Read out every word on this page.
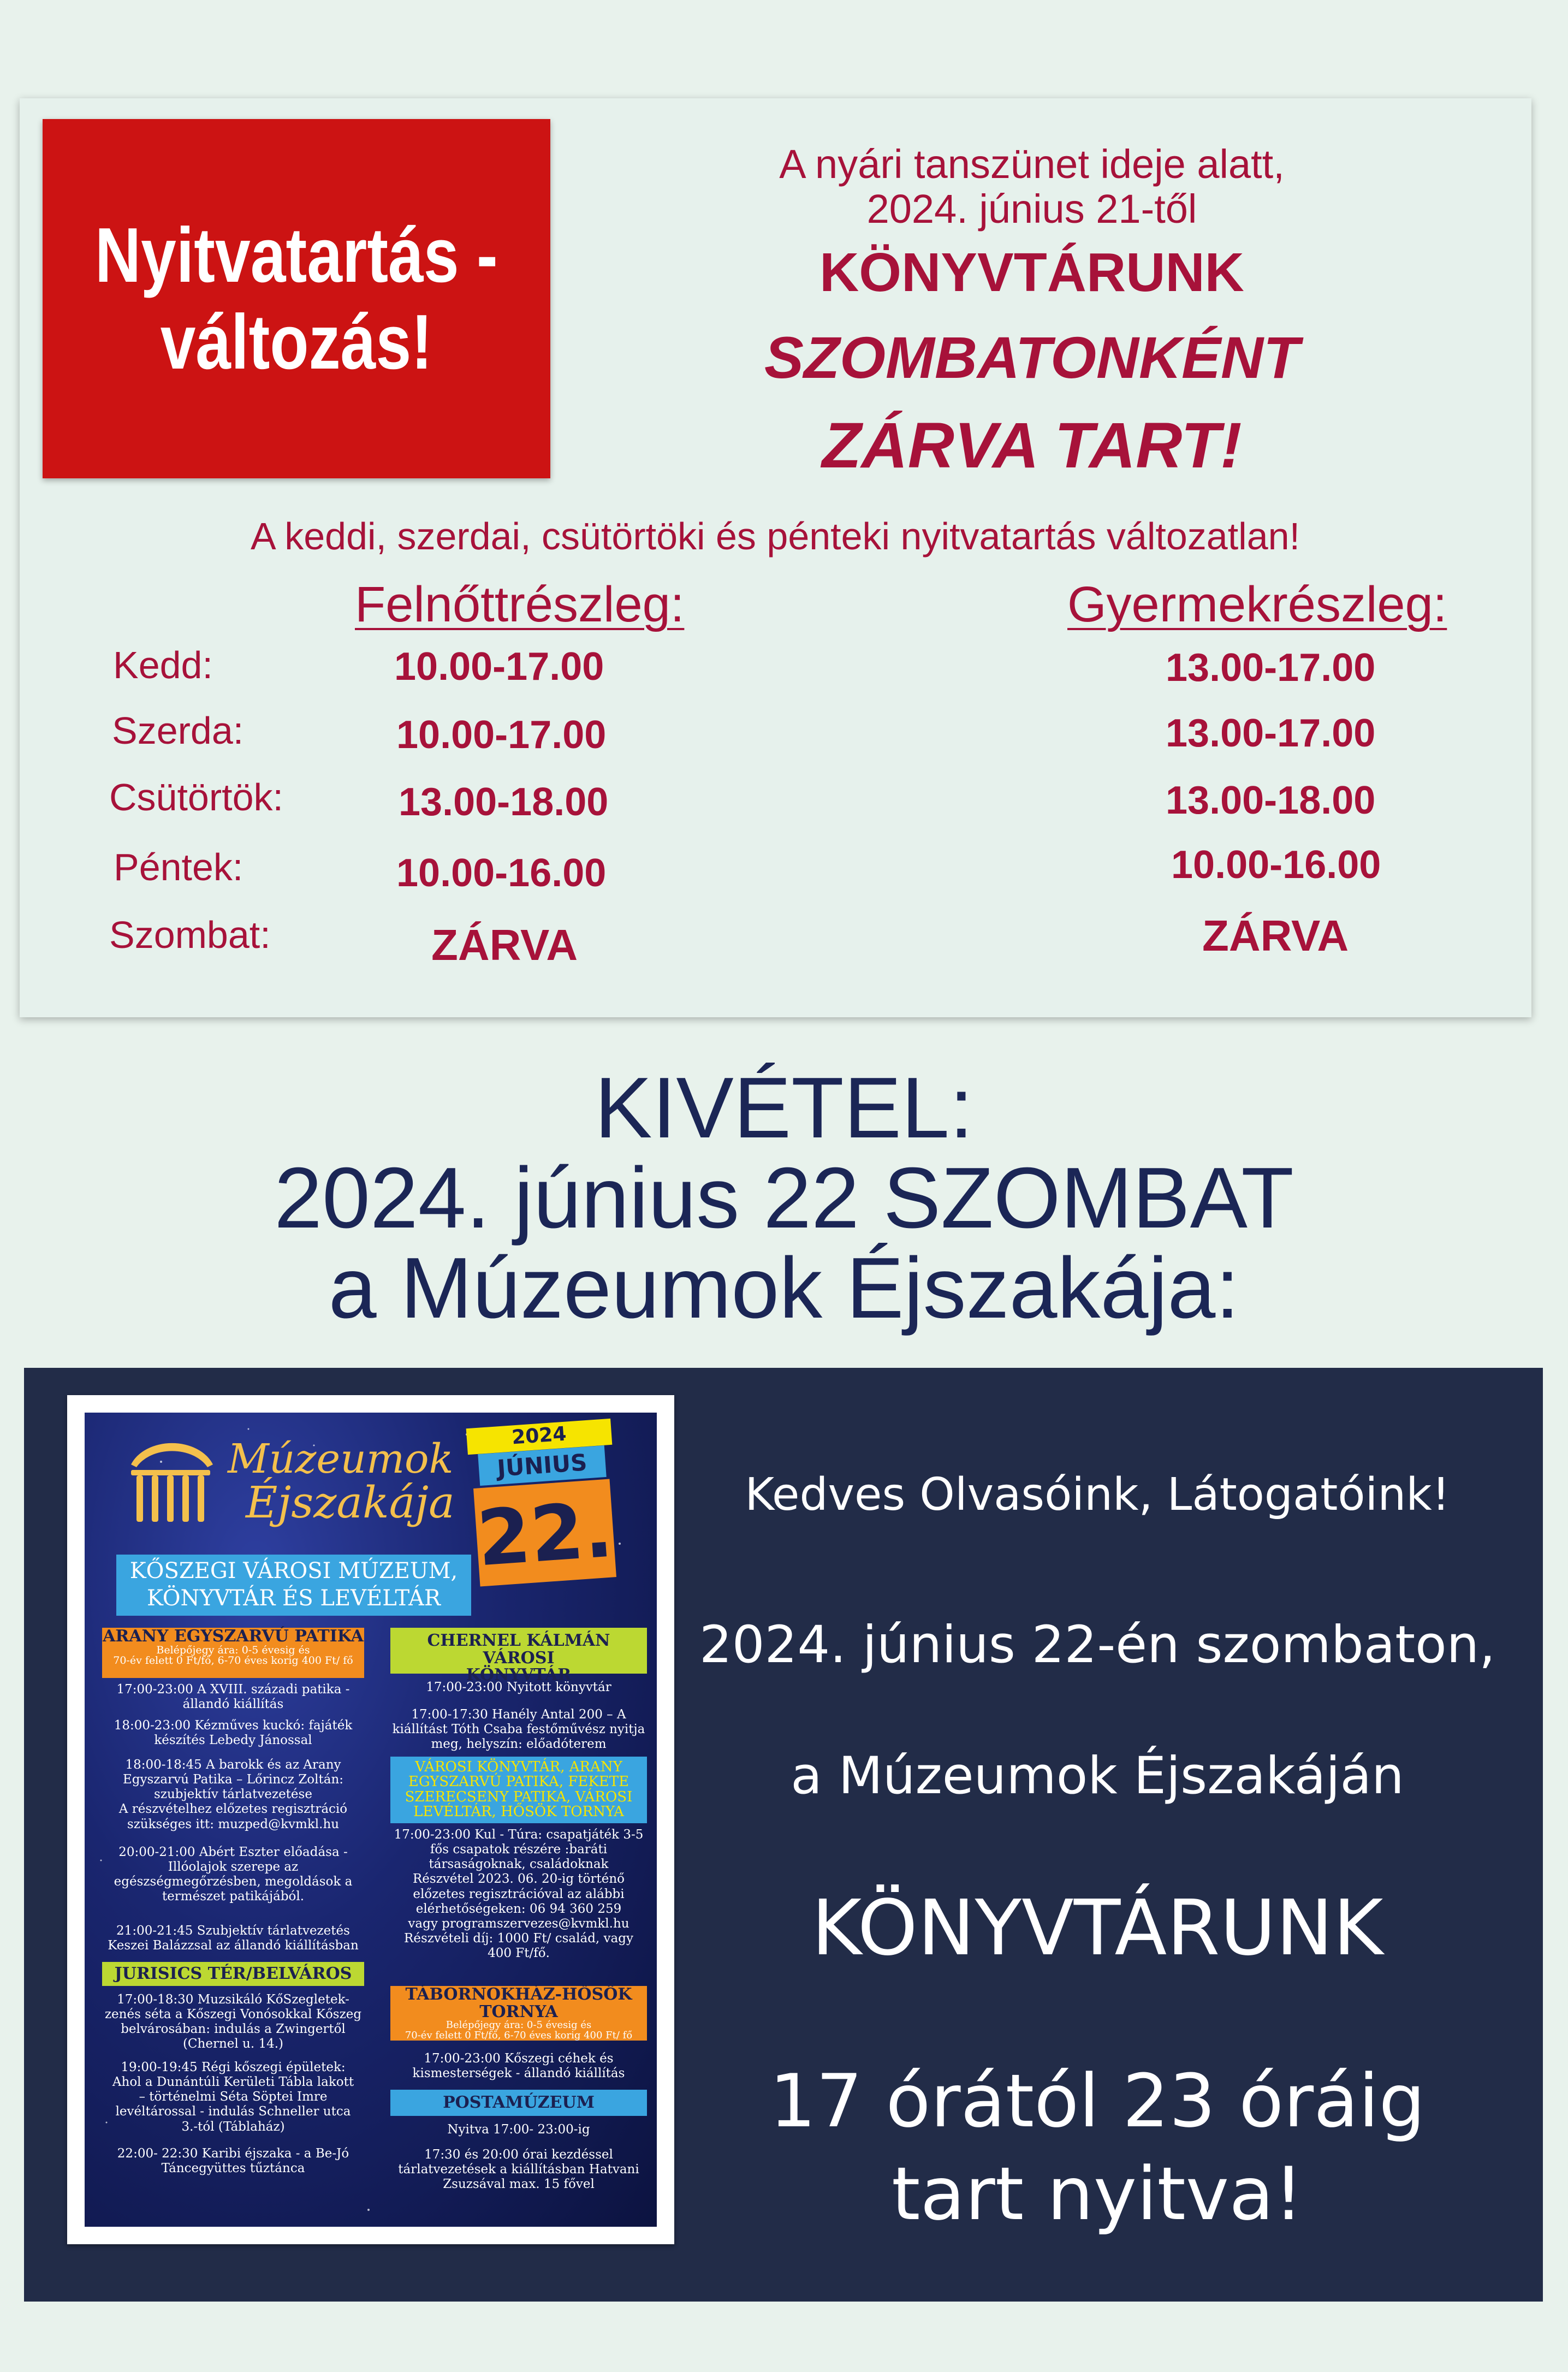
Nyitvatartás -
változás!
A nyári tanszünet ideje alatt,
2024. június 21-től
KÖNYVTÁRUNK
SZOMBATONKÉNT
ZÁRVA TART!
A keddi, szerdai, csütörtöki és pénteki nyitvatartás változatlan!
Felnőttrészleg:	Gyermekrészleg:
Kedd:	10.00-17.00	13.00-17.00
Szerda:	10.00-17.00	13.00-17.00
Csütörtök:	13.00-18.00	13.00-18.00
Péntek:	10.00-16.00	10.00-16.00
Szombat:	ZÁRVA	ZÁRVA
KIVÉTEL:
2024. június 22 SZOMBAT
a Múzeumok Éjszakája:
Múzeumok
Éjszakája
2024
JÚNIUS
22.
KŐSZEGI VÁROSI MÚZEUM,
KÖNYVTÁR ÉS LEVÉLTÁR
ARANY EGYSZARVÚ PATIKA
Belépőjegy ára: 0-5 évesig és
70-év felett 0 Ft/fő, 6-70 éves korig 400 Ft/ fő
17:00-23:00 A XVIII. századi patika -
állandó kiállítás
18:00-23:00 Kézműves kuckó: fajáték
készítés Lebedy Jánossal
18:00-18:45 A barokk és az Arany
Egyszarvú Patika – Lőrincz Zoltán:
szubjektív tárlatvezetése
A részvételhez előzetes regisztráció
szükséges itt: muzped@kvmkl.hu
20:00-21:00 Abért Eszter előadása -
Illóolajok szerepe az
egészségmegőrzésben, megoldások a
természet patikájából.
21:00-21:45 Szubjektív tárlatvezetés
Keszei Balázzsal az állandó kiállításban
JURISICS TÉR/BELVÁROS
17:00-18:30 Muzsikáló KőSzegletek-
zenés séta a Kőszegi Vonósokkal Kőszeg
belvárosában: indulás a Zwingertől
(Chernel u. 14.)
19:00-19:45 Régi kőszegi épületek:
Ahol a Dunántúli Kerületi Tábla lakott
– történelmi Séta Söptei Imre
levéltárossal - indulás Schneller utca
3.-tól (Táblaház)
22:00- 22:30 Karibi éjszaka - a Be-Jó
Táncegyüttes tűztánca
CHERNEL KÁLMÁN VÁROSI
KÖNYVTÁR
17:00-23:00 Nyitott könyvtár
17:00-17:30 Hanély Antal 200 – A
kiállítást Tóth Csaba festőművész nyitja
meg, helyszín: előadóterem
VÁROSI KÖNYVTÁR, ARANY
EGYSZARVÚ PATIKA, FEKETE
SZERECSENY PATIKA, VÁROSI
LEVÉLTÁR, HŐSÖK TORNYA
17:00-23:00 Kul - Túra: csapatjáték 3-5
fős csapatok részére :baráti
társaságoknak, családoknak
Részvétel 2023. 06. 20-ig történő
előzetes regisztrációval az alábbi
elérhetőségeken: 06 94 360 259
vagy programszervezes@kvmkl.hu
Részvételi díj: 1000 Ft/ család, vagy
400 Ft/fő.
TÁBORNOKHÁZ-HŐSÖK
TORNYA
Belépőjegy ára: 0-5 évesig és
70-év felett 0 Ft/fő, 6-70 éves korig 400 Ft/ fő
17:00-23:00 Kőszegi céhek és
kismesterségek - állandó kiállítás
POSTAMÚZEUM
Nyitva 17:00- 23:00-ig
17:30 és 20:00 órai kezdéssel
tárlatvezetések a kiállításban Hatvani
Zsuzsával max. 15 fővel
Kedves Olvasóink, Látogatóink!
2024. június 22-én szombaton,
a Múzeumok Éjszakáján
KÖNYVTÁRUNK
17 órától 23 óráig
tart nyitva!
